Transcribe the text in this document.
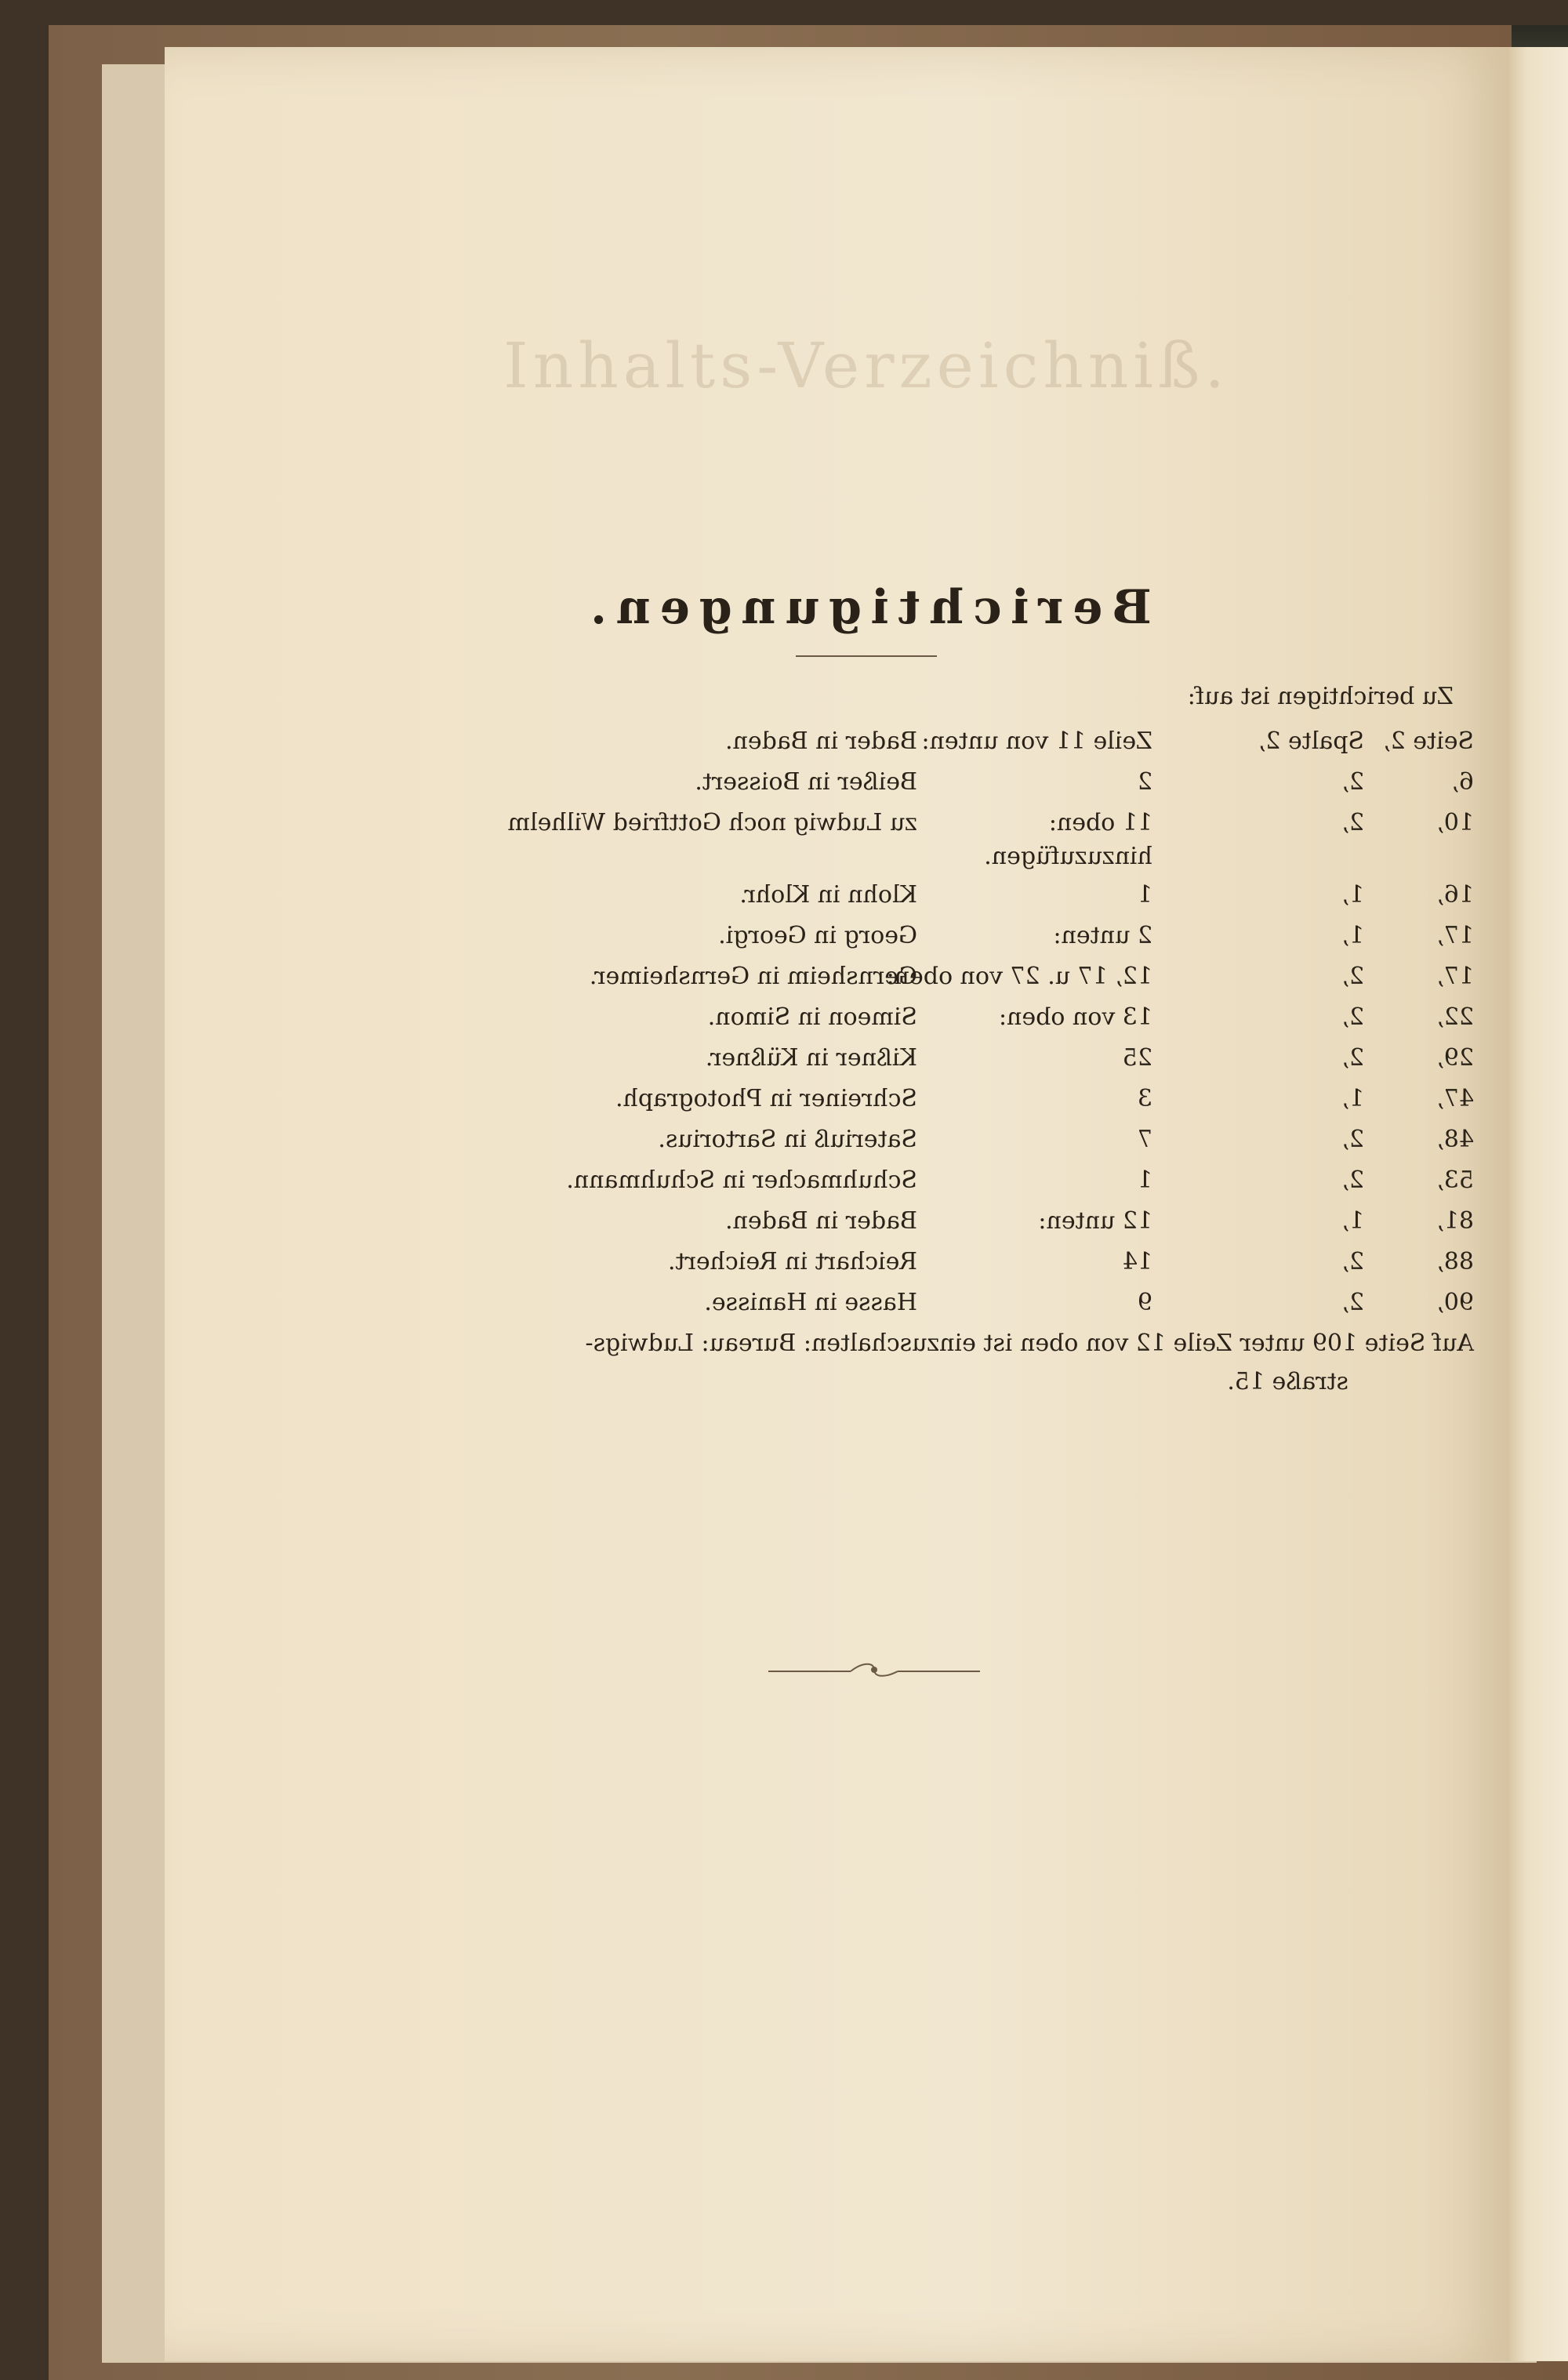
Inhalts-Verzeichniß.
Berichtigungen.

Zu berichtigen ist auf:

Seite 2,
Spalte 2,
Zeile 11 von unten:
Bader in Baden.
6,
2,
2
Beißer in Boissert.
10,
2,
11 oben:
zu Ludwig noch Gottfried Wilhelm
hinzuzufügen.
16,
1,
1
Klohn in Klohr.
17,
1,
2 unten:
Georg in Georgi.
17,
2,
12, 17 u. 27 von oben:
Gernsheim in Gernsheimer.
22,
2,
13 von oben:
Simeon in Simon.
29,
2,
25
Kißner in Küßner.
47,
1,
3
Schreiner in Photograph.
48,
2,
7
Sateriuß in Sartorius.
53,
2,
1
Schuhmacher in Schuhmann.
81,
1,
12 unten:
Bader in Baden.
88,
2,
14
Reichart in Reichert.
90,
2,
9
Hasse in Hanisse.
Auf Seite 109 unter Zeile 12 von oben ist einzuschalten: Bureau: Ludwigs-
straße 15.
